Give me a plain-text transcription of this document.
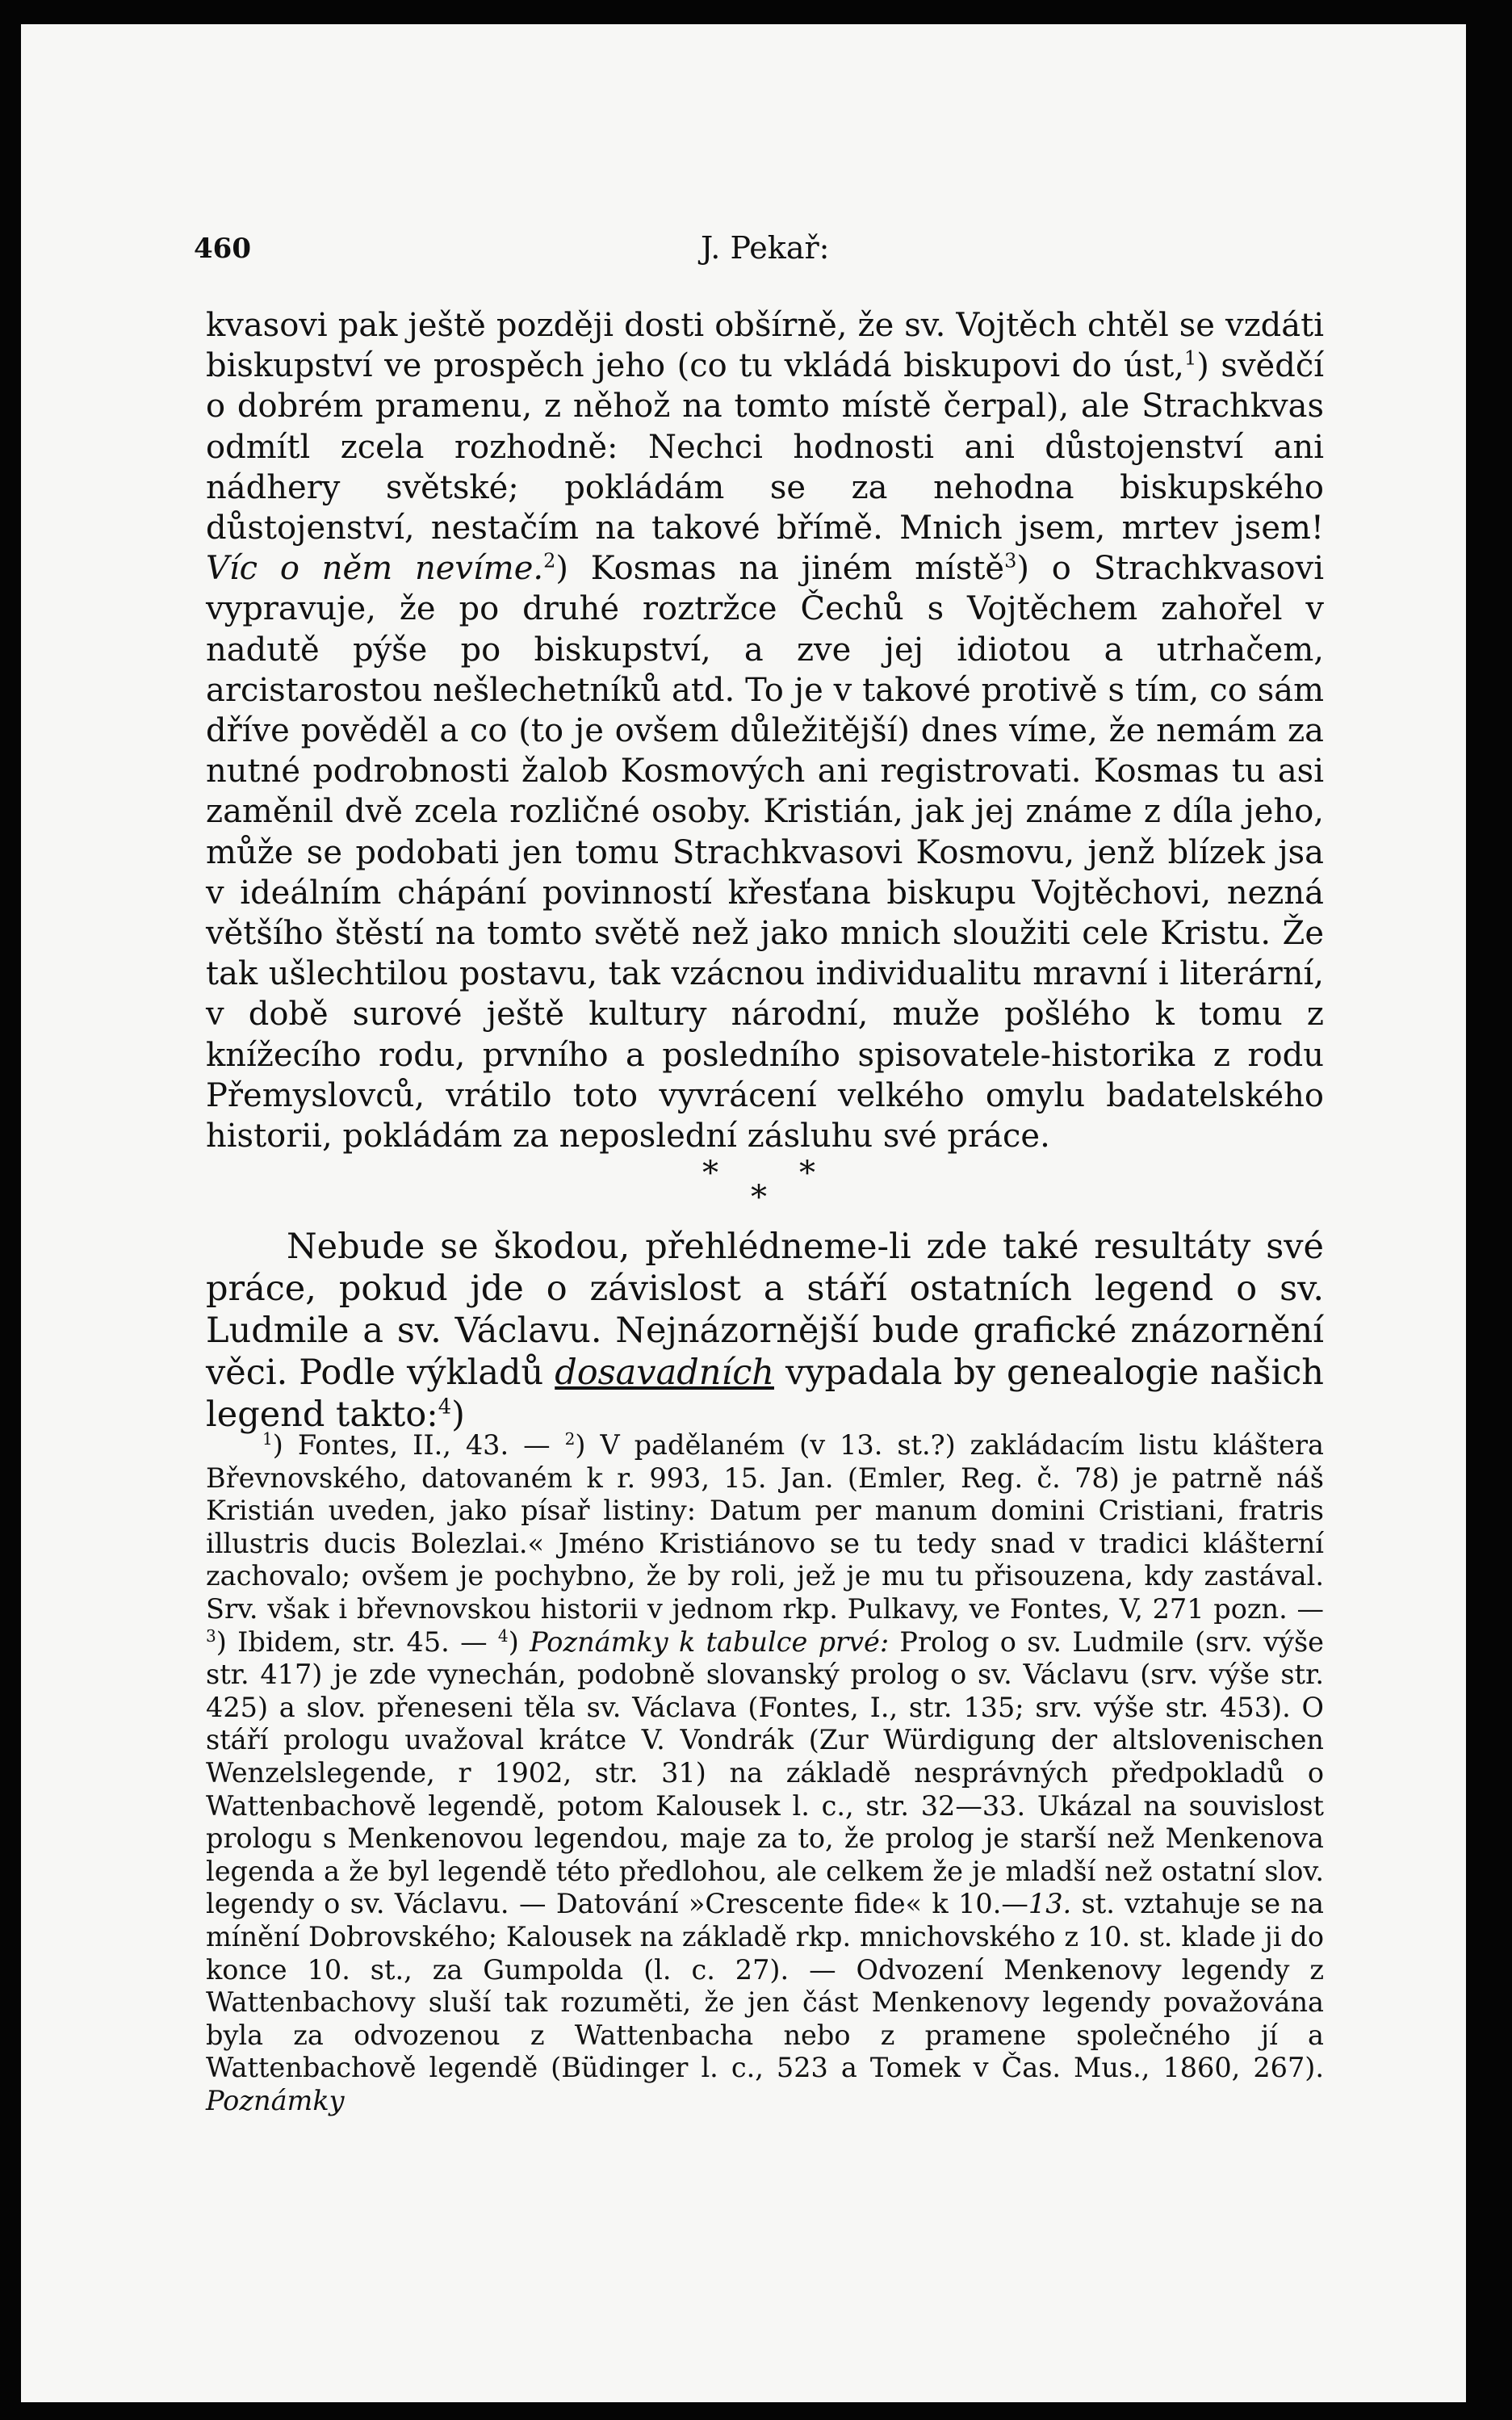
460	J. Pekař:

kvasovi pak ještě později dosti obšírně, že sv. Vojtěch chtěl se vzdáti biskupství ve prospěch jeho (co tu vkládá biskupovi do úst,$^1$) svědčí o dobrém pramenu, z něhož na tomto místě čerpal), ale Strachkvas odmítl zcela rozhodně: Nechci hodnosti ani důstojenství ani nádhery světské; pokládám se za nehodna biskupského důstojenství, nestačím na takové břímě. Mnich jsem, mrtev jsem! Víc o něm nevíme.$^2$) Kosmas na jiném místě$^3$) o Strachkvasovi vypravuje, že po druhé roztržce Čechů s Vojtěchem zahořel v nadutě pýše po biskupství, a zve jej idiotou a utrhačem, arcistarostou nešlechetníků atd. To je v takové protivě s tím, co sám dříve pověděl a co (to je ovšem důležitější) dnes víme, že nemám za nutné podrobnosti žalob Kosmových ani registrovati. Kosmas tu asi zaměnil dvě zcela rozličné osoby. Kristián, jak jej známe z díla jeho, může se podobati jen tomu Strachkvasovi Kosmovu, jenž blízek jsa v ideálním chápání povinností křesťana biskupu Vojtěchovi, nezná většího štěstí na tomto světě než jako mnich sloužiti cele Kristu. Že tak ušlechtilou postavu, tak vzácnou individualitu mravní i literární, v době surové ještě kultury národní, muže pošlého k tomu z knížecího rodu, prvního a posledního spisovatele-historika z rodu Přemyslovců, vrátilo toto vyvrácení velkého omylu badatelského historii, pokládám za neposlední zásluhu své práce.

*
*
*

Nebude se škodou, přehlédneme-li zde také resultáty své práce, pokud jde o závislost a stáří ostatních legend o sv. Ludmile a sv. Václavu. Nejnázornější bude grafické znázornění věci. Podle výkladů dosavadních vypadala by genealogie našich legend takto:$^4$)

$^1$) Fontes, II., 43. — $^2$) V padělaném (v 13. st.?) zakládacím listu kláštera Břevnovského, datovaném k r. 993, 15. Jan. (Emler, Reg. č. 78) je patrně náš Kristián uveden, jako písař listiny: Datum per manum domini Cristiani, fratris illustris ducis Bolezlai.« Jméno Kristiánovo se tu tedy snad v tradici klášterní zachovalo; ovšem je pochybno, že by roli, jež je mu tu přisouzena, kdy zastával. Srv. však i břevnovskou historii v jednom rkp. Pulkavy, ve Fontes, V, 271 pozn. — $^3$) Ibidem, str. 45. — $^4$) Poznámky k tabulce prvé: Prolog o sv. Ludmile (srv. výše str. 417) je zde vynechán, podobně slovanský prolog o sv. Václavu (srv. výše str. 425) a slov. přeneseni těla sv. Václava (Fontes, I., str. 135; srv. výše str. 453). O stáří prologu uvažoval krátce V. Vondrák (Zur Würdigung der altslovenischen Wenzelslegende, r 1902, str. 31) na základě nesprávných předpokladů o Wattenbachově legendě, potom Kalousek l. c., str. 32—33. Ukázal na souvislost prologu s Menkenovou legendou, maje za to, že prolog je starší než Menkenova legenda a že byl legendě této předlohou, ale celkem že je mladší než ostatní slov. legendy o sv. Václavu. — Datování »Crescente fide« k 10.—13. st. vztahuje se na mínění Dobrovského; Kalousek na základě rkp. mnichovského z 10. st. klade ji do konce 10. st., za Gumpolda (l. c. 27). — Odvození Menkenovy legendy z Wattenbachovy sluší tak rozuměti, že jen část Menkenovy legendy považována byla za odvozenou z Wattenbacha nebo z pramene společného jí a Wattenbachově legendě (Büdinger l. c., 523 a Tomek v Čas. Mus., 1860, 267). Poznámky
